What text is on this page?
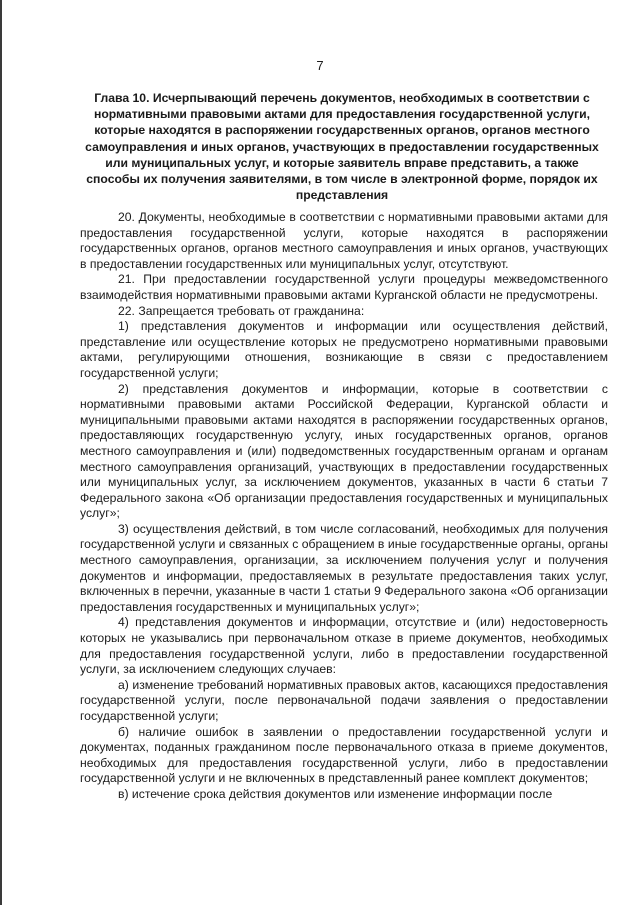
7
Глава 10. Исчерпывающий перечень документов, необходимых в соответствии с нормативными правовыми актами для предоставления государственной услуги, которые находятся в распоряжении государственных органов, органов местного самоуправления и иных органов, участвующих в предоставлении государственных или муниципальных услуг, и которые заявитель вправе представить, а также способы их получения заявителями, в том числе в электронной форме, порядок их представления

20. Документы, необходимые в соответствии с нормативными правовыми актами для предоставления государственной услуги, которые находятся в распоряжении государственных органов, органов местного самоуправления и иных органов, участвующих в предоставлении государственных или муниципальных услуг, отсутствуют.

21. При предоставлении государственной услуги процедуры межведомственного взаимодействия нормативными правовыми актами Курганской области не предусмотрены.

22. Запрещается требовать от гражданина:

1) представления документов и информации или осуществления действий, представление или осуществление которых не предусмотрено нормативными правовыми актами, регулирующими отношения, возникающие в связи с предоставлением государственной услуги;

2) представления документов и информации, которые в соответствии с нормативными правовыми актами Российской Федерации, Курганской области и муниципальными правовыми актами находятся в распоряжении государственных органов, предоставляющих государственную услугу, иных государственных органов, органов местного самоуправления и (или) подведомственных государственным органам и органам местного самоуправления организаций, участвующих в предоставлении государственных или муниципальных услуг, за исключением документов, указанных в части 6 статьи 7 Федерального закона «Об организации предоставления государственных и муниципальных услуг»;

3) осуществления действий, в том числе согласований, необходимых для получения государственной услуги и связанных с обращением в иные государственные органы, органы местного самоуправления, организации, за исключением получения услуг и получения документов и информации, предоставляемых в результате предоставления таких услуг, включенных в перечни, указанные в части 1 статьи 9 Федерального закона «Об организации предоставления государственных и муниципальных услуг»;

4) представления документов и информации, отсутствие и (или) недостоверность которых не указывались при первоначальном отказе в приеме документов, необходимых для предоставления государственной услуги, либо в предоставлении государственной услуги, за исключением следующих случаев:

а) изменение требований нормативных правовых актов, касающихся предоставления государственной услуги, после первоначальной подачи заявления о предоставлении государственной услуги;

б) наличие ошибок в заявлении о предоставлении государственной услуги и документах, поданных гражданином после первоначального отказа в приеме документов, необходимых для предоставления государственной услуги, либо в предоставлении государственной услуги и не включенных в представленный ранее комплект документов;

в) истечение срока действия документов или изменение информации после
